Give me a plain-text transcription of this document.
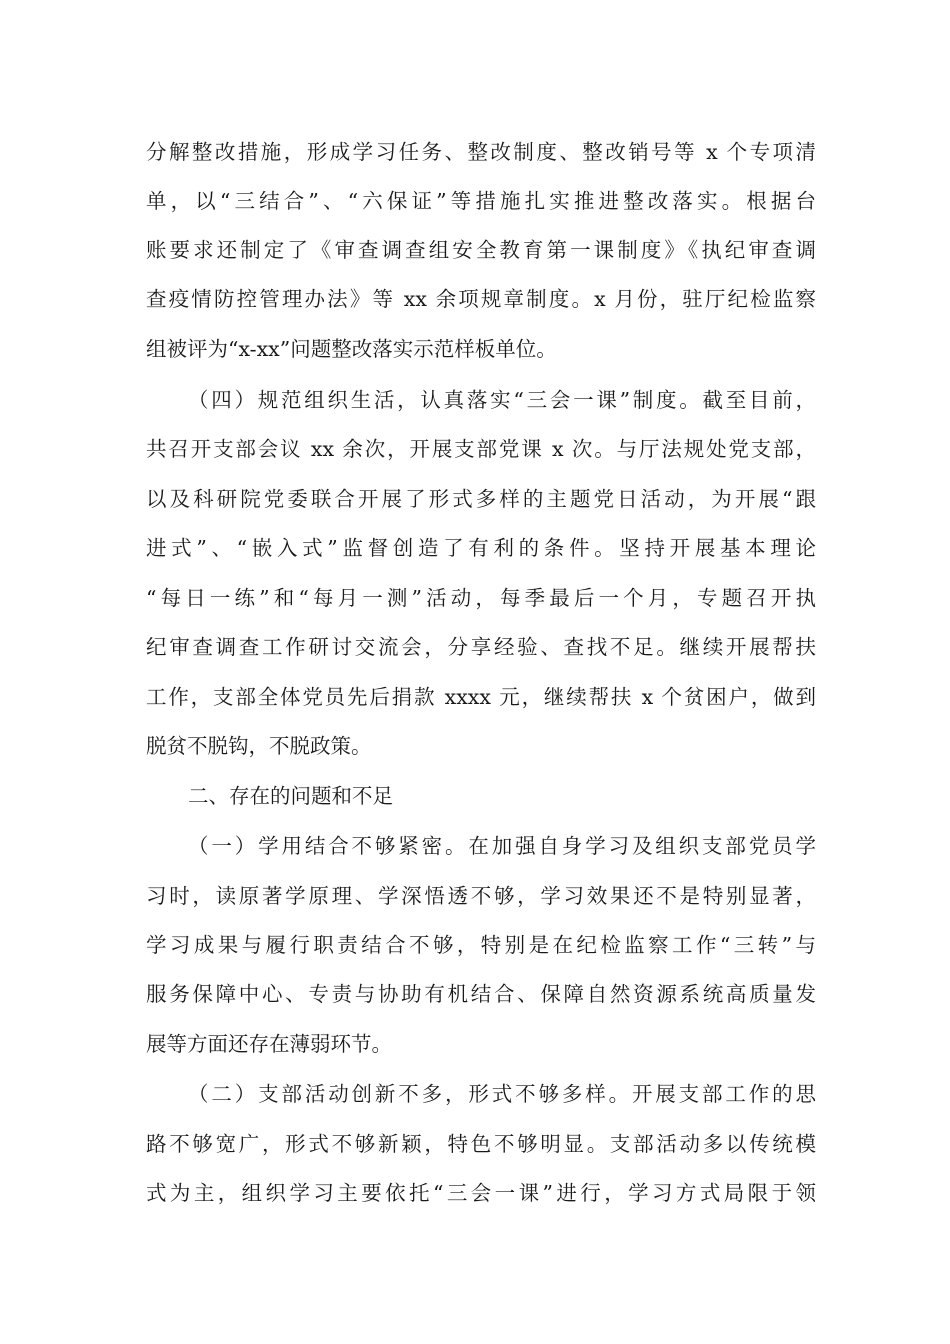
分解整改措施，形成学习任务、整改制度、整改销号等 x 个专项清
单，以“三结合”、“六保证”等措施扎实推进整改落实。根据台
账要求还制定了《审查调查组安全教育第一课制度》《执纪审查调
查疫情防控管理办法》等 xx 余项规章制度。x 月份，驻厅纪检监察
组被评为“x-xx”问题整改落实示范样板单位。
（四）规范组织生活，认真落实“三会一课”制度。截至目前，
共召开支部会议 xx 余次，开展支部党课 x 次。与厅法规处党支部，
以及科研院党委联合开展了形式多样的主题党日活动，为开展“跟
进式”、“嵌入式”监督创造了有利的条件。坚持开展基本理论
“每日一练”和“每月一测”活动，每季最后一个月，专题召开执
纪审查调查工作研讨交流会，分享经验、查找不足。继续开展帮扶
工作，支部全体党员先后捐款 xxxx 元，继续帮扶 x 个贫困户，做到
脱贫不脱钩，不脱政策。
二、存在的问题和不足
（一）学用结合不够紧密。在加强自身学习及组织支部党员学
习时，读原著学原理、学深悟透不够，学习效果还不是特别显著，
学习成果与履行职责结合不够，特别是在纪检监察工作“三转”与
服务保障中心、专责与协助有机结合、保障自然资源系统高质量发
展等方面还存在薄弱环节。
（二）支部活动创新不多，形式不够多样。开展支部工作的思
路不够宽广，形式不够新颖，特色不够明显。支部活动多以传统模
式为主，组织学习主要依托“三会一课”进行，学习方式局限于领
